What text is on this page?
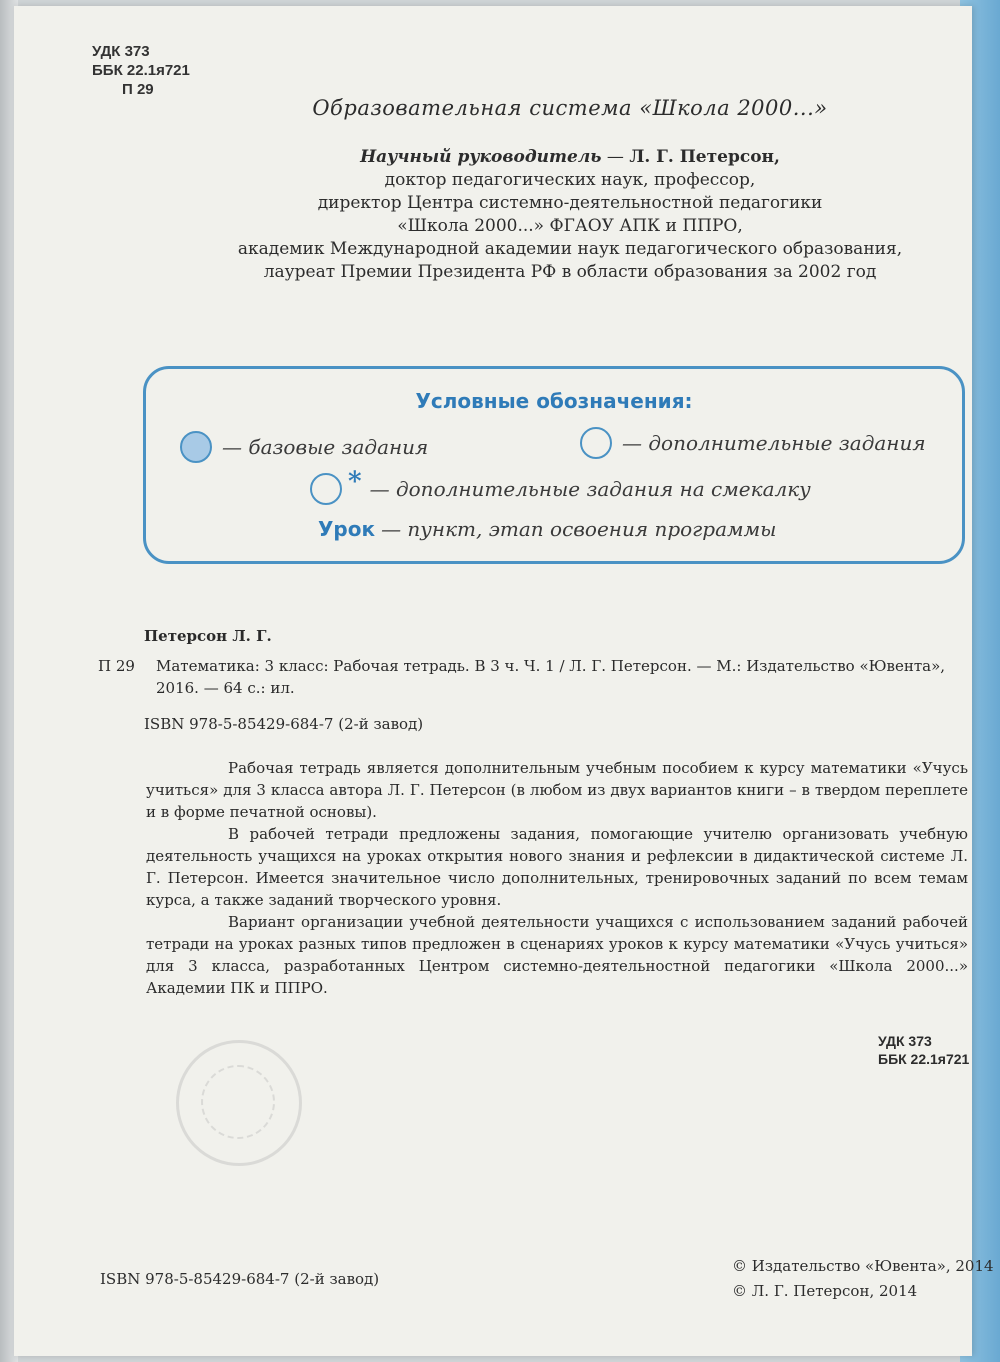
УДК 373
ББК 22.1я721
П 29
Образовательная система «Школа 2000...»
Научный руководитель — Л. Г. Петерсон,
доктор педагогических наук, профессор,
директор Центра системно-деятельностной педагогики
«Школа 2000...» ФГАОУ АПК и ППРО,
академик Международной академии наук педагогического образования,
лауреат Премии Президента РФ в области образования за 2002 год
Условные обозначения:
— базовые задания	— дополнительные задания
* — дополнительные задания на смекалку
Урок — пункт, этап освоения программы
Петерсон Л. Г.
П 29	Математика: 3 класс: Рабочая тетрадь. В 3 ч. Ч. 1 / Л. Г. Петерсон. — М.: Издательство «Ювента», 2016. — 64 с.: ил.
ISBN 978-5-85429-684-7 (2-й завод)

Рабочая тетрадь является дополнительным учебным пособием к курсу математики «Учусь учиться» для 3 класса автора Л. Г. Петерсон (в любом из двух вариантов книги – в твердом переплете и в форме печатной основы).

В рабочей тетради предложены задания, помогающие учителю организовать учебную деятельность учащихся на уроках открытия нового знания и рефлексии в дидактической системе Л. Г. Петерсон. Имеется значительное число дополнительных, тренировочных заданий по всем темам курса, а также заданий творческого уровня.

Вариант организации учебной деятельности учащихся с использованием заданий рабочей тетради на уроках разных типов предложен в сценариях уроков к курсу математики «Учусь учиться» для 3 класса, разработанных Центром системно-деятельностной педагогики «Школа 2000...» Академии ПК и ППРО.

УДК 373
ББК 22.1я721
ISBN 978-5-85429-684-7 (2-й завод)
© Издательство «Ювента», 2014
© Л. Г. Петерсон, 2014
